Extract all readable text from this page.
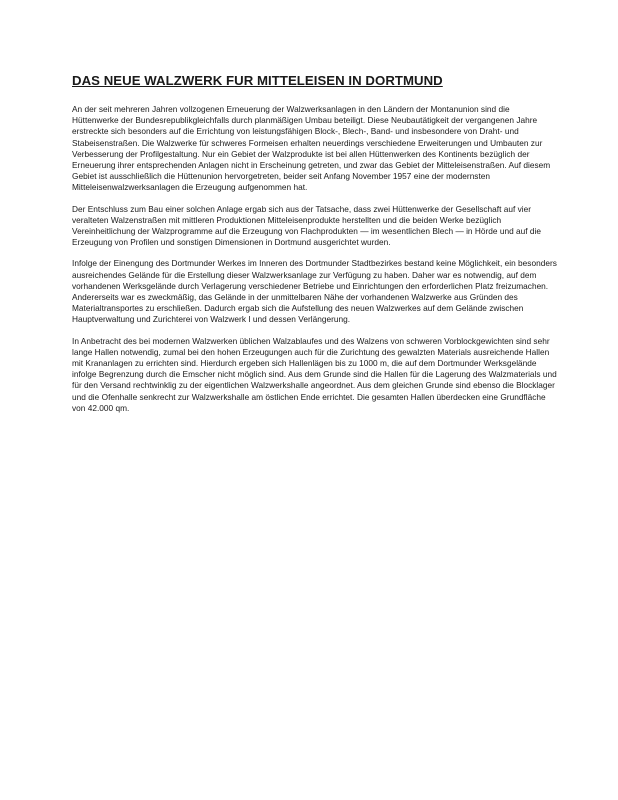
DAS NEUE WALZWERK FUR MITTELEISEN IN DORTMUND

An der seit mehreren Jahren vollzogenen Erneuerung der Walzwerksanlagen in den Ländern der Montanunion sind die Hüttenwerke der Bundesrepublikgleichfalls durch planmäßigen Umbau beteiligt. Diese Neubautätigkeit der vergangenen Jahre erstreckte sich besonders auf die Errichtung von leistungsfähigen Block-, Blech-, Band- und insbesondere von Draht- und Stabeisenstraßen. Die Walzwerke für schweres Formeisen erhalten neuerdings verschiedene Erweiterungen und Umbauten zur Verbesserung der Profilgestaltung. Nur ein Gebiet der Walzprodukte ist bei allen Hüttenwerken des Kontinents bezüglich der Erneuerung ihrer entsprechenden Anlagen nicht in Erscheinung getreten, und zwar das Gebiet der Mitteleisenstraßen. Auf diesem Gebiet ist ausschließlich die Hüttenunion hervorgetreten, beider seit Anfang November 1957 eine der modernsten Mitteleisenwalzwerksanlagen die Erzeugung aufgenommen hat.

Der Entschluss zum Bau einer solchen Anlage ergab sich aus der Tatsache, dass zwei Hüttenwerke der Gesellschaft auf vier veralteten Walzenstraßen mit mittleren Produktionen Mitteleisenprodukte herstellten und die beiden Werke bezüglich Vereinheitlichung der Walzprogramme auf die Erzeugung von Flachprodukten — im wesentlichen Blech — in Hörde und auf die Erzeugung von Profilen und sonstigen Dimensionen in Dortmund ausgerichtet wurden.

Infolge der Einengung des Dortmunder Werkes im Inneren des Dortmunder Stadtbezirkes bestand keine Möglichkeit, ein besonders ausreichendes Gelände für die Erstellung dieser Walzwerksanlage zur Verfügung zu haben. Daher war es notwendig, auf dem vorhandenen Werksgelände durch Verlagerung verschiedener Betriebe und Einrichtungen den erforderlichen Platz freizumachen. Andererseits war es zweckmäßig, das Gelände in der unmittelbaren Nähe der vorhandenen Walzwerke aus Gründen des Materialtransportes zu erschließen. Dadurch ergab sich die Aufstellung des neuen Walzwerkes auf dem Gelände zwischen Hauptverwaltung und Zurichterei von Walzwerk I und dessen Verlängerung.

In Anbetracht des bei modernen Walzwerken üblichen Walzablaufes und des Walzens von schweren Vorblockgewichten sind sehr lange Hallen notwendig, zumal bei den hohen Erzeugungen auch für die Zurichtung des gewalzten Materials ausreichende Hallen mit Krananlagen zu errichten sind. Hierdurch ergeben sich Hallenlägen bis zu 1000 m, die auf dem Dortmunder Werksgelände infolge Begrenzung durch die Emscher nicht möglich sind. Aus dem Grunde sind die Hallen für die Lagerung des Walzmaterials und für den Versand rechtwinklig zu der eigentlichen Walzwerkshalle angeordnet. Aus dem gleichen Grunde sind ebenso die Blocklager und die Ofenhalle senkrecht zur Walzwerkshalle am östlichen Ende errichtet. Die gesamten Hallen überdecken eine Grundfläche von 42.000 qm.
